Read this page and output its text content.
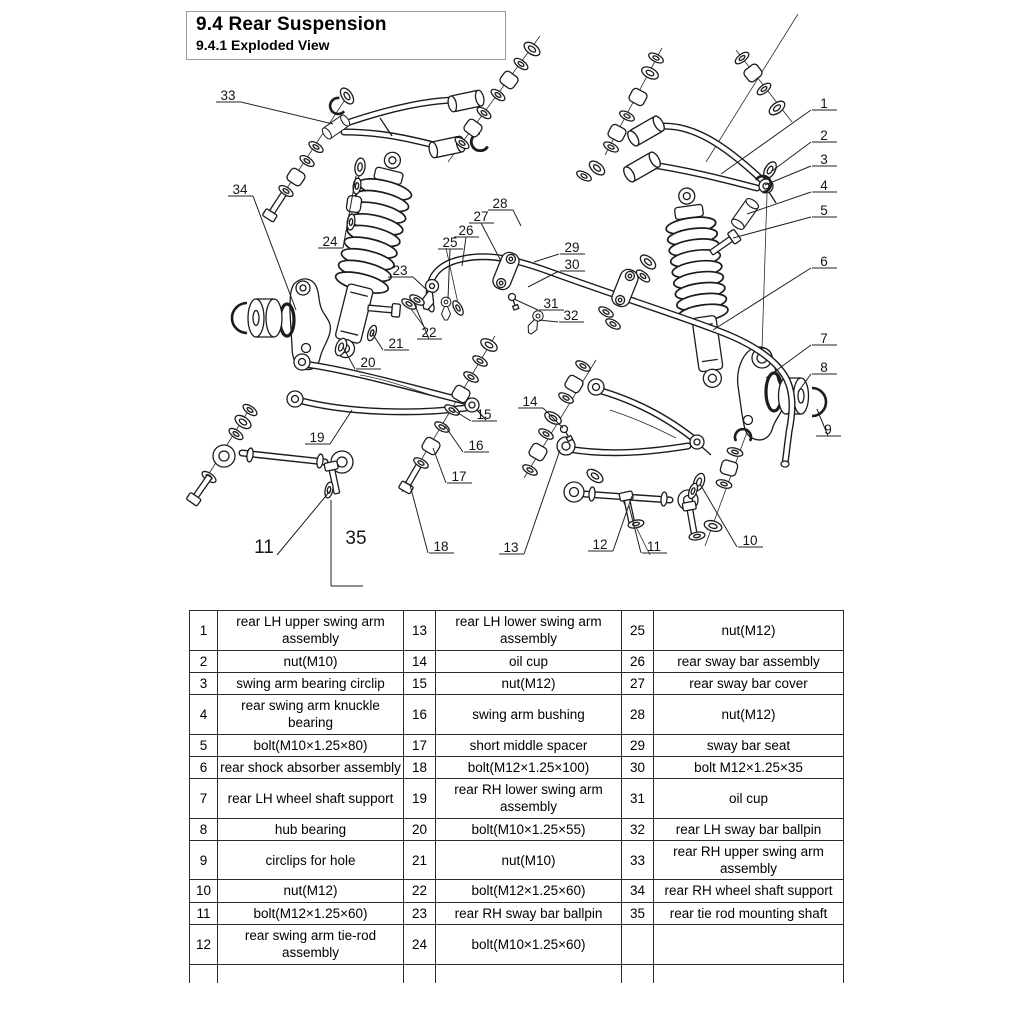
33
34
24
23
22
21
20
19
11	35	18
17
16
15
14
13	12	11	10
9
8
7
6
5
4
3
2
1
28
27
26
25	29
30
31
32
9.4 Rear Suspension
9.4.1 Exploded View
1	rear LH upper swing arm assembly	13	rear LH lower swing arm assembly	25	nut(M12)
2	nut(M10)	14	oil cup	26	rear sway bar assembly
3	swing arm bearing circlip	15	nut(M12)	27	rear sway bar cover
4	rear swing arm knuckle bearing	16	swing arm bushing	28	nut(M12)
5	bolt(M10×1.25×80)	17	short middle spacer	29	sway bar seat
6	rear shock absorber assembly	18	bolt(M12×1.25×100)	30	bolt M12×1.25×35
7	rear LH wheel shaft support	19	rear RH lower swing arm assembly	31	oil cup
8	hub bearing	20	bolt(M10×1.25×55)	32	rear LH sway bar ballpin
9	circlips for hole	21	nut(M10)	33	rear RH upper swing arm assembly
10	nut(M12)	22	bolt(M12×1.25×60)	34	rear RH wheel shaft support
11	bolt(M12×1.25×60)	23	rear RH sway bar ballpin	35	rear tie rod mounting shaft
12	rear swing arm tie-rod assembly	24	bolt(M10×1.25×60)		
